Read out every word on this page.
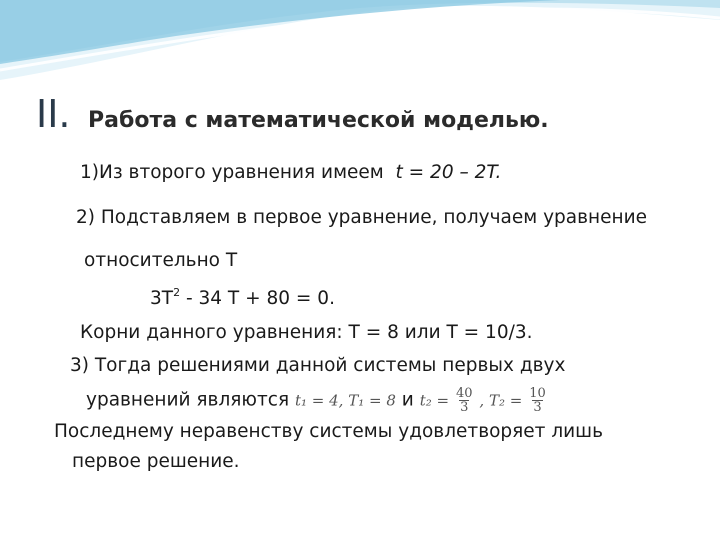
II. Работа с математической моделью.
1)Из второго уравнения имеем t = 20 – 2T.
2) Подставляем в первое уравнение, получаем уравнение
относительно Т
$3T^2 - 34$ T + 80 = 0.
Корни данного уравнения: Т = 8 или Т = 10/3.
3) Тогда решениями данной системы первых двух
уравнений являются t₁ = 4, T₁ = 8 и $t_2 = \frac{40}{3}$ , $T_2 = \frac{10}{3}$
Последнему неравенству системы удовлетворяет лишь
первое решение.
